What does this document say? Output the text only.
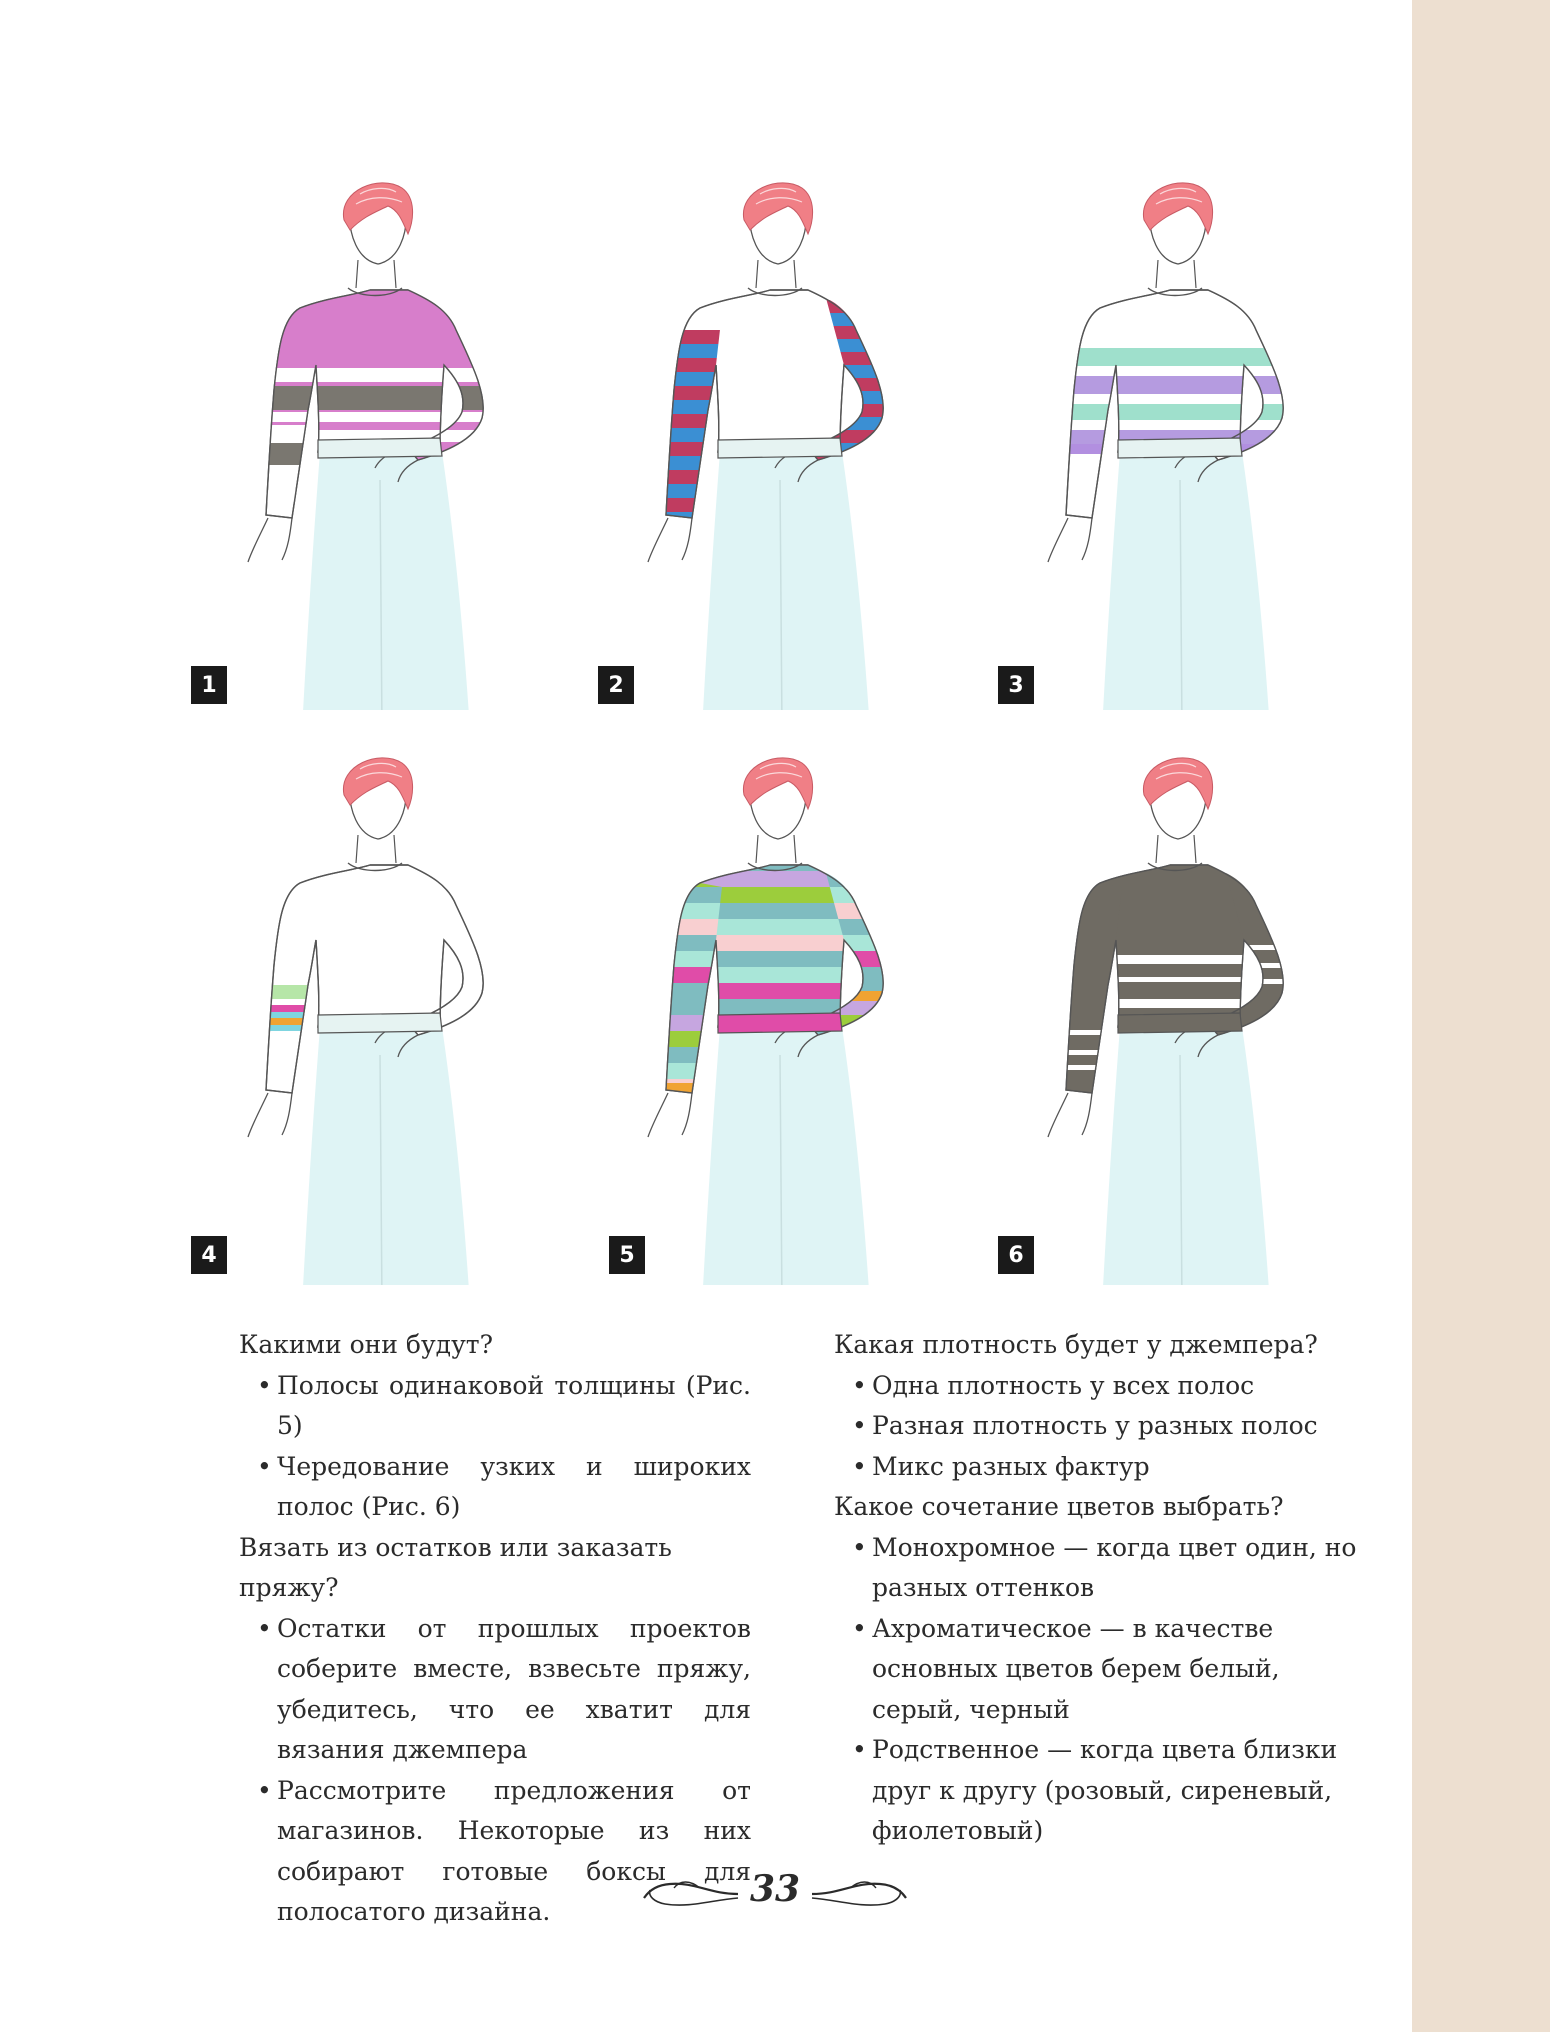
1	2	3
4	5	6

Какими они будут?

• Полосы одинаковой толщины (Рис. 5)
• Чередование узких и широких полос (Рис. 6)

Вязать из остатков или заказать пряжу?

• Остатки от прошлых проектов соберите вместе, взвесьте пряжу, убедитесь, что ее хватит для вязания джемпера
• Рассмотрите предложения от магазинов. Некоторые из них собирают готовые боксы для полосатого дизайна.

Какая плотность будет у джемпера?

• Одна плотность у всех полос
• Разная плотность у разных полос
• Микс разных фактур

Какое сочетание цветов выбрать?

• Монохромное — когда цвет один, но разных оттенков
• Ахроматическое — в качестве основных цветов берем белый, серый, черный
• Родственное — когда цвета близки друг к другу (розовый, сиреневый, фиолетовый)
33
